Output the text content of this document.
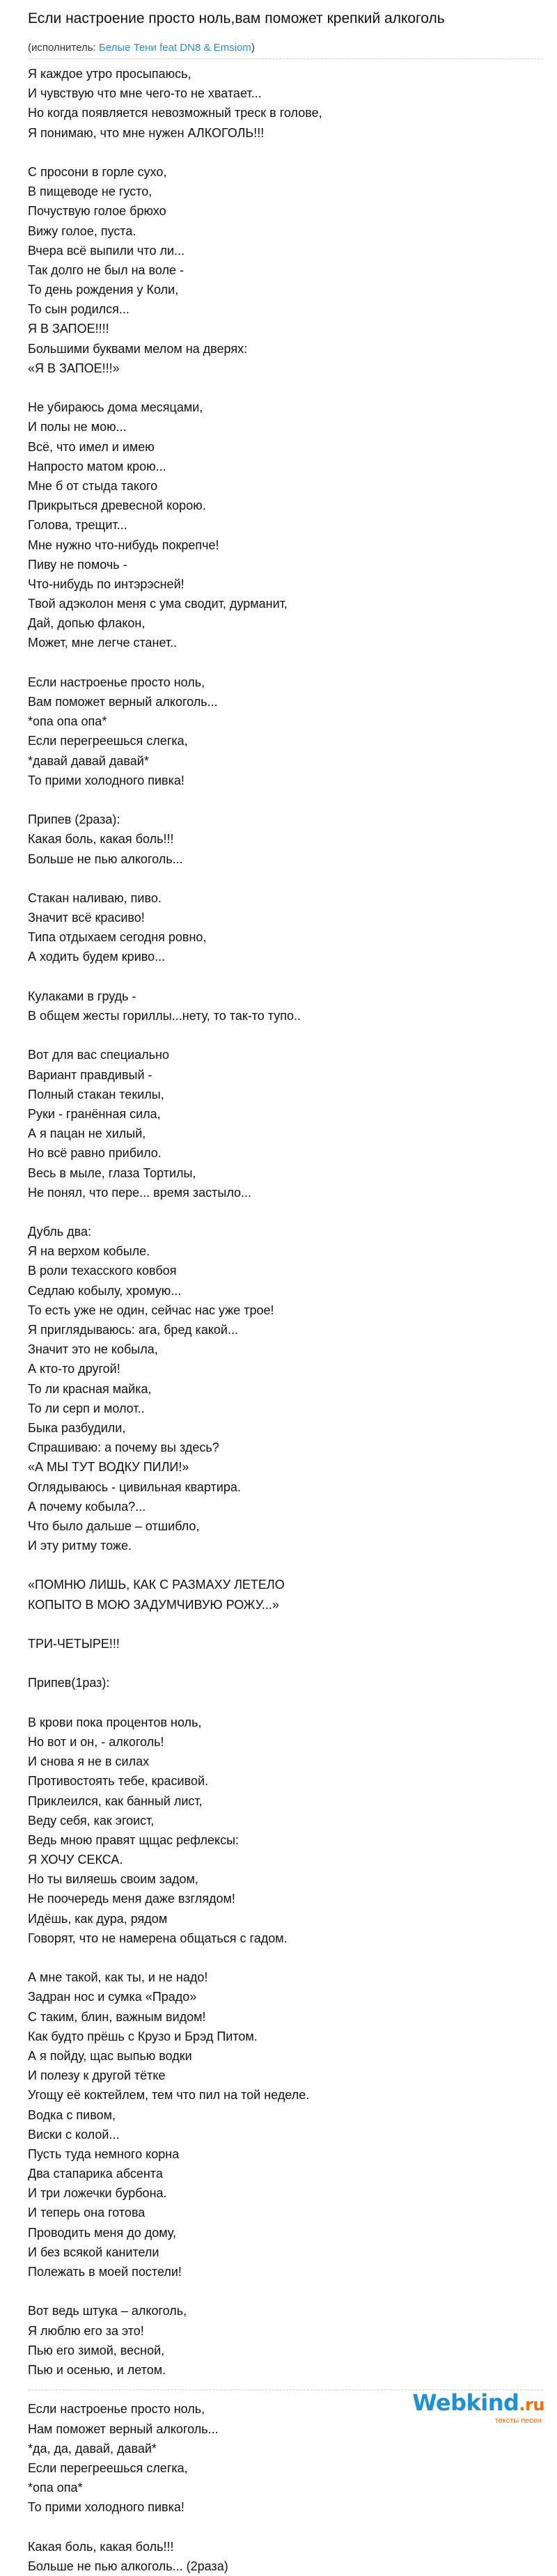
Если настроение просто ноль,вам поможет крепкий алкоголь
(исполнитель: Белые Тени feat DN8 & Emsiom)
Я каждое утро просыпаюсь,
И чувствую что мне чего-то не хватает...
Но когда появляется невозможный треск в голове,
Я понимаю, что мне нужен АЛКОГОЛЬ!!!
С просони в горле сухо,
В пищеводе не густо,
Почуствую голое брюхо
Вижу голое, пуста.
Вчера всё выпили что ли...
Так долго не был на воле -
То день рождения у Коли,
То сын родился...
Я В ЗАПОЕ!!!!
Большими буквами мелом на дверях:
«Я В ЗАПОЕ!!!»
Не убираюсь дома месяцами,
И полы не мою...
Всё, что имел и имею
Напросто матом крою...
Мне б от стыда такого
Прикрыться древесной корою.
Голова, трещит...
Мне нужно что-нибудь покрепче!
Пиву не помочь -
Что-нибудь по интэрэсней!
Твой адэколон меня с ума сводит, дурманит,
Дай, допью флакон,
Может, мне легче станет..
Если настроенье просто ноль,
Вам поможет верный алкоголь...
*опа опа опа*
Если перегреешься слегка,
*давай давай давай*
То прими холодного пивка!
Припев (2раза):
Какая боль, какая боль!!!
Больше не пью алкоголь...
Стакан наливаю, пиво.
Значит всё красиво!
Типа отдыхаем сегодня ровно,
А ходить будем криво...
Кулаками в грудь -
В общем жесты гориллы...нету, то так-то тупо..
Вот для вас специально
Вариант правдивый -
Полный стакан текилы,
Руки - гранённая сила,
А я пацан не хилый,
Но всё равно прибило.
Весь в мыле, глаза Тортилы,
Не понял, что пере... время застыло...
Дубль два:
Я на верхом кобыле.
В роли техасского ковбоя
Седлаю кобылу, хромую...
То есть уже не один, сейчас нас уже трое!
Я приглядываюсь: ага, бред какой...
Значит это не кобыла,
А кто-то другой!
То ли красная майка,
То ли серп и молот..
Быка разбудили,
Спрашиваю: а почему вы здесь?
«А МЫ ТУТ ВОДКУ ПИЛИ!»
Оглядываюсь - цивильная квартира.
А почему кобыла?...
Что было дальше – отшибло,
И эту ритму тоже.
«ПОМНЮ ЛИШЬ, КАК С РАЗМАХУ ЛЕТЕЛО
КОПЫТО В МОЮ ЗАДУМЧИВУЮ РОЖУ...»
ТРИ-ЧЕТЫРЕ!!!
Припев(1раз):
В крови пока процентов ноль,
Но вот и он, - алкоголь!
И снова я не в силах
Противостоять тебе, красивой.
Приклеился, как банный лист,
Веду себя, как эгоист,
Ведь мною правят щщас рефлексы:
Я ХОЧУ СЕКСА.
Но ты виляешь своим задом,
Не поочередь меня даже взглядом!
Идёшь, как дура, рядом
Говорят, что не намерена общаться с гадом.
А мне такой, как ты, и не надо!
Задран нос и сумка «Прадо»
С таким, блин, важным видом!
Как будто прёшь с Крузо и Брэд Питом.
А я пойду, щас выпью водки
И полезу к другой тётке
Угощу её коктейлем, тем что пил на той неделе.
Водка с пивом,
Виски с колой...
Пусть туда немного корна
Два стапарика абсента
И три ложечки бурбона.
И теперь она готова
Проводить меня до дому,
И без всякой канители
Полежать в моей постели!
Вот ведь штука – алкоголь,
Я люблю его за это!
Пью его зимой, весной,
Пью и осенью, и летом.
Если настроенье просто ноль,
Нам поможет верный алкоголь...
*да, да, давай, давай*
Если перегреешься слегка,
*опа опа*
То прими холодного пивка!
Какая боль, какая боль!!!
Больше не пью алкоголь... (2раза)
Webkind.ru
тексты песен
